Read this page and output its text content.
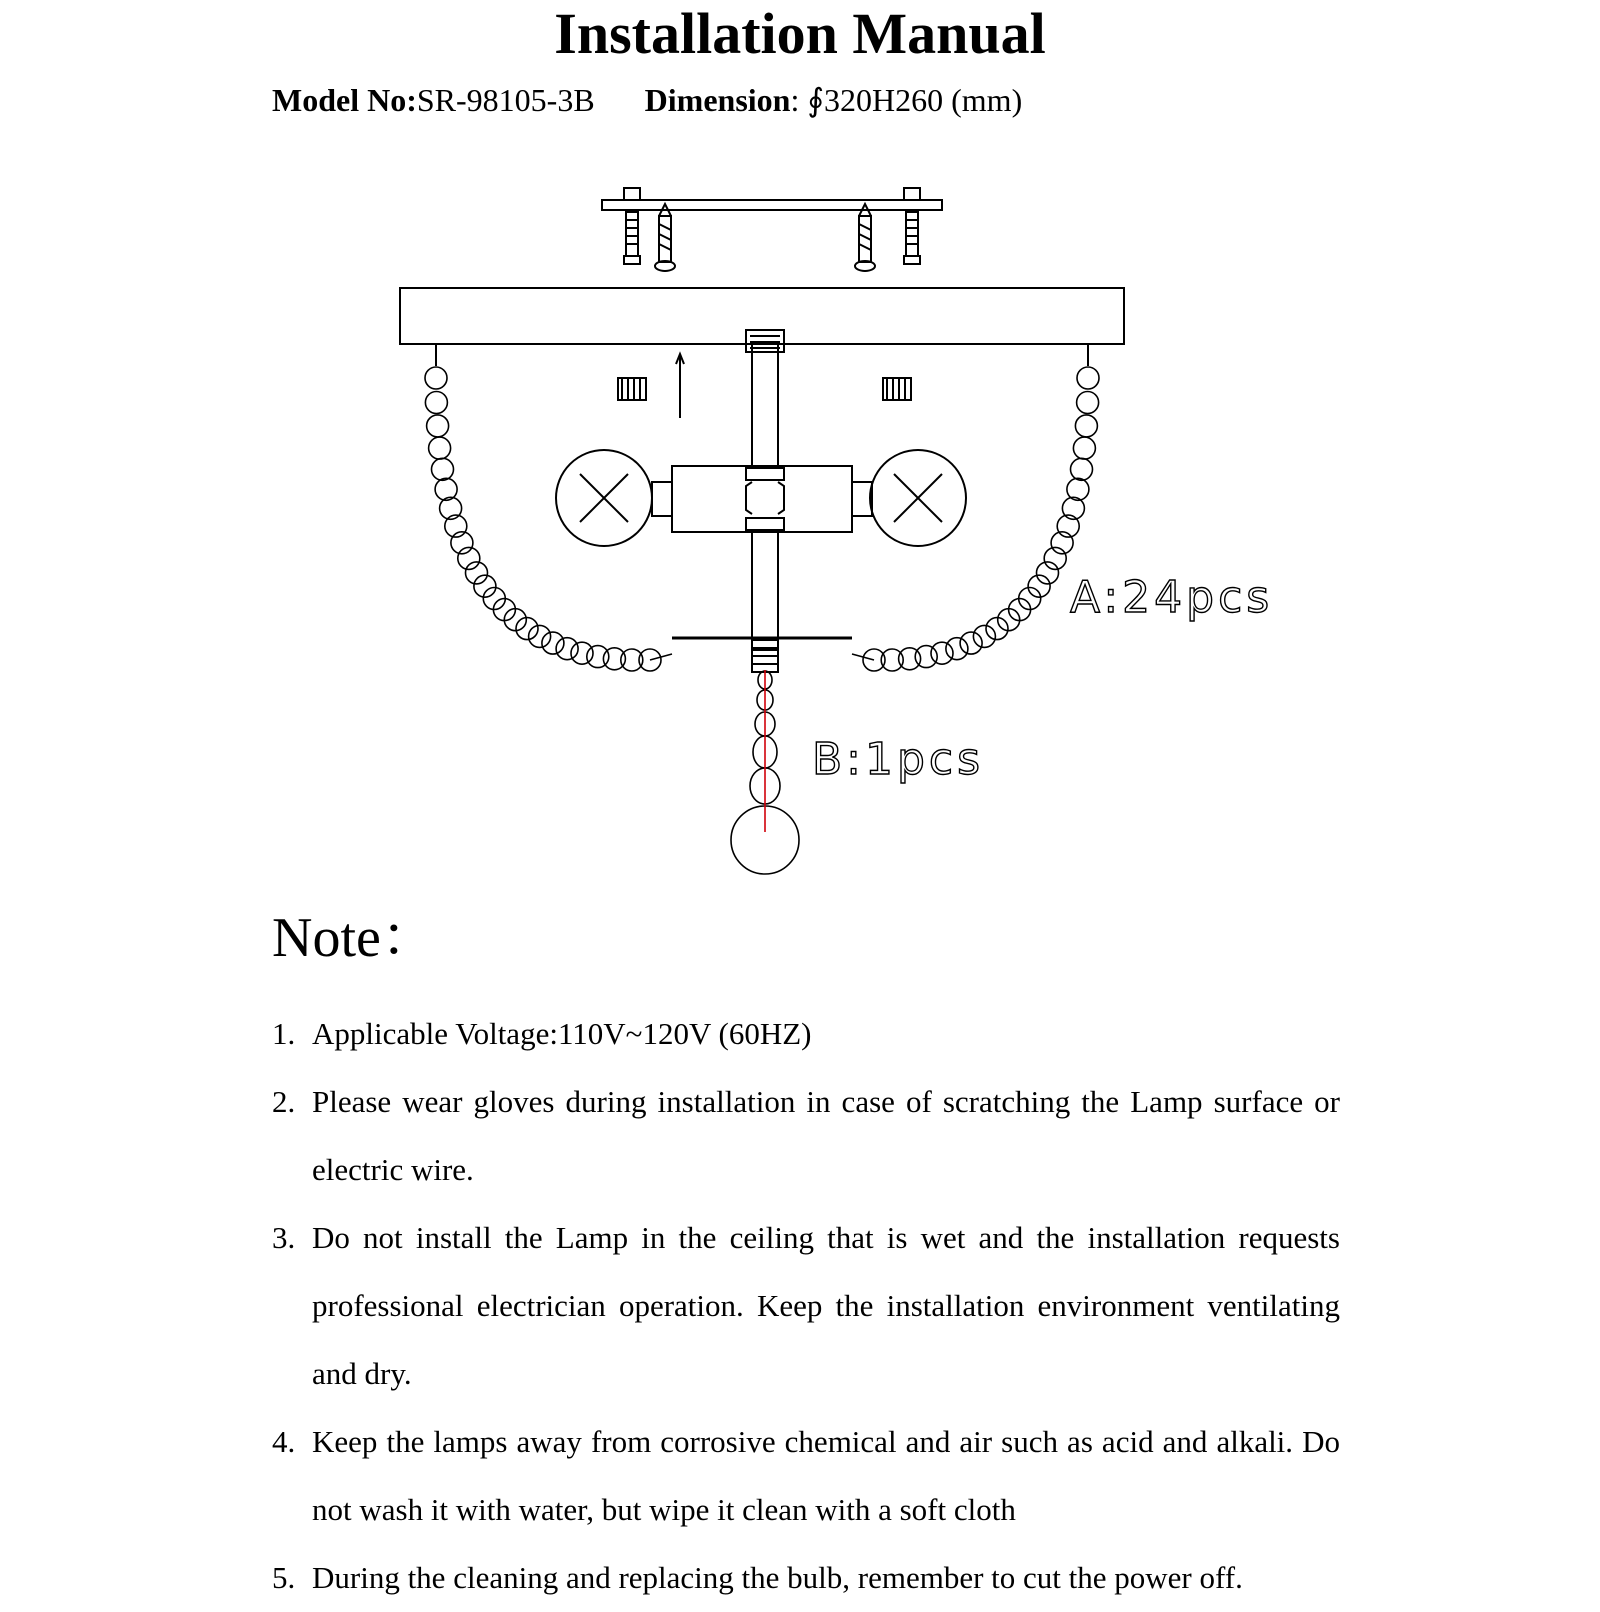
Installation Manual
Model No:SR-98105-3B Dimension: ∮320H260 (mm)
A:24pcs
B:1pcs
Note：
1. Applicable Voltage:110V~120V (60HZ)
2. Please wear gloves during installation in case of scratching the Lamp surface or electric wire.
3. Do not install the Lamp in the ceiling that is wet and the installation requests professional electrician operation. Keep the installation environment ventilating and dry.
4. Keep the lamps away from corrosive chemical and air such as acid and alkali. Do not wash it with water, but wipe it clean with a soft cloth
5. During the cleaning and replacing the bulb, remember to cut the power off.
